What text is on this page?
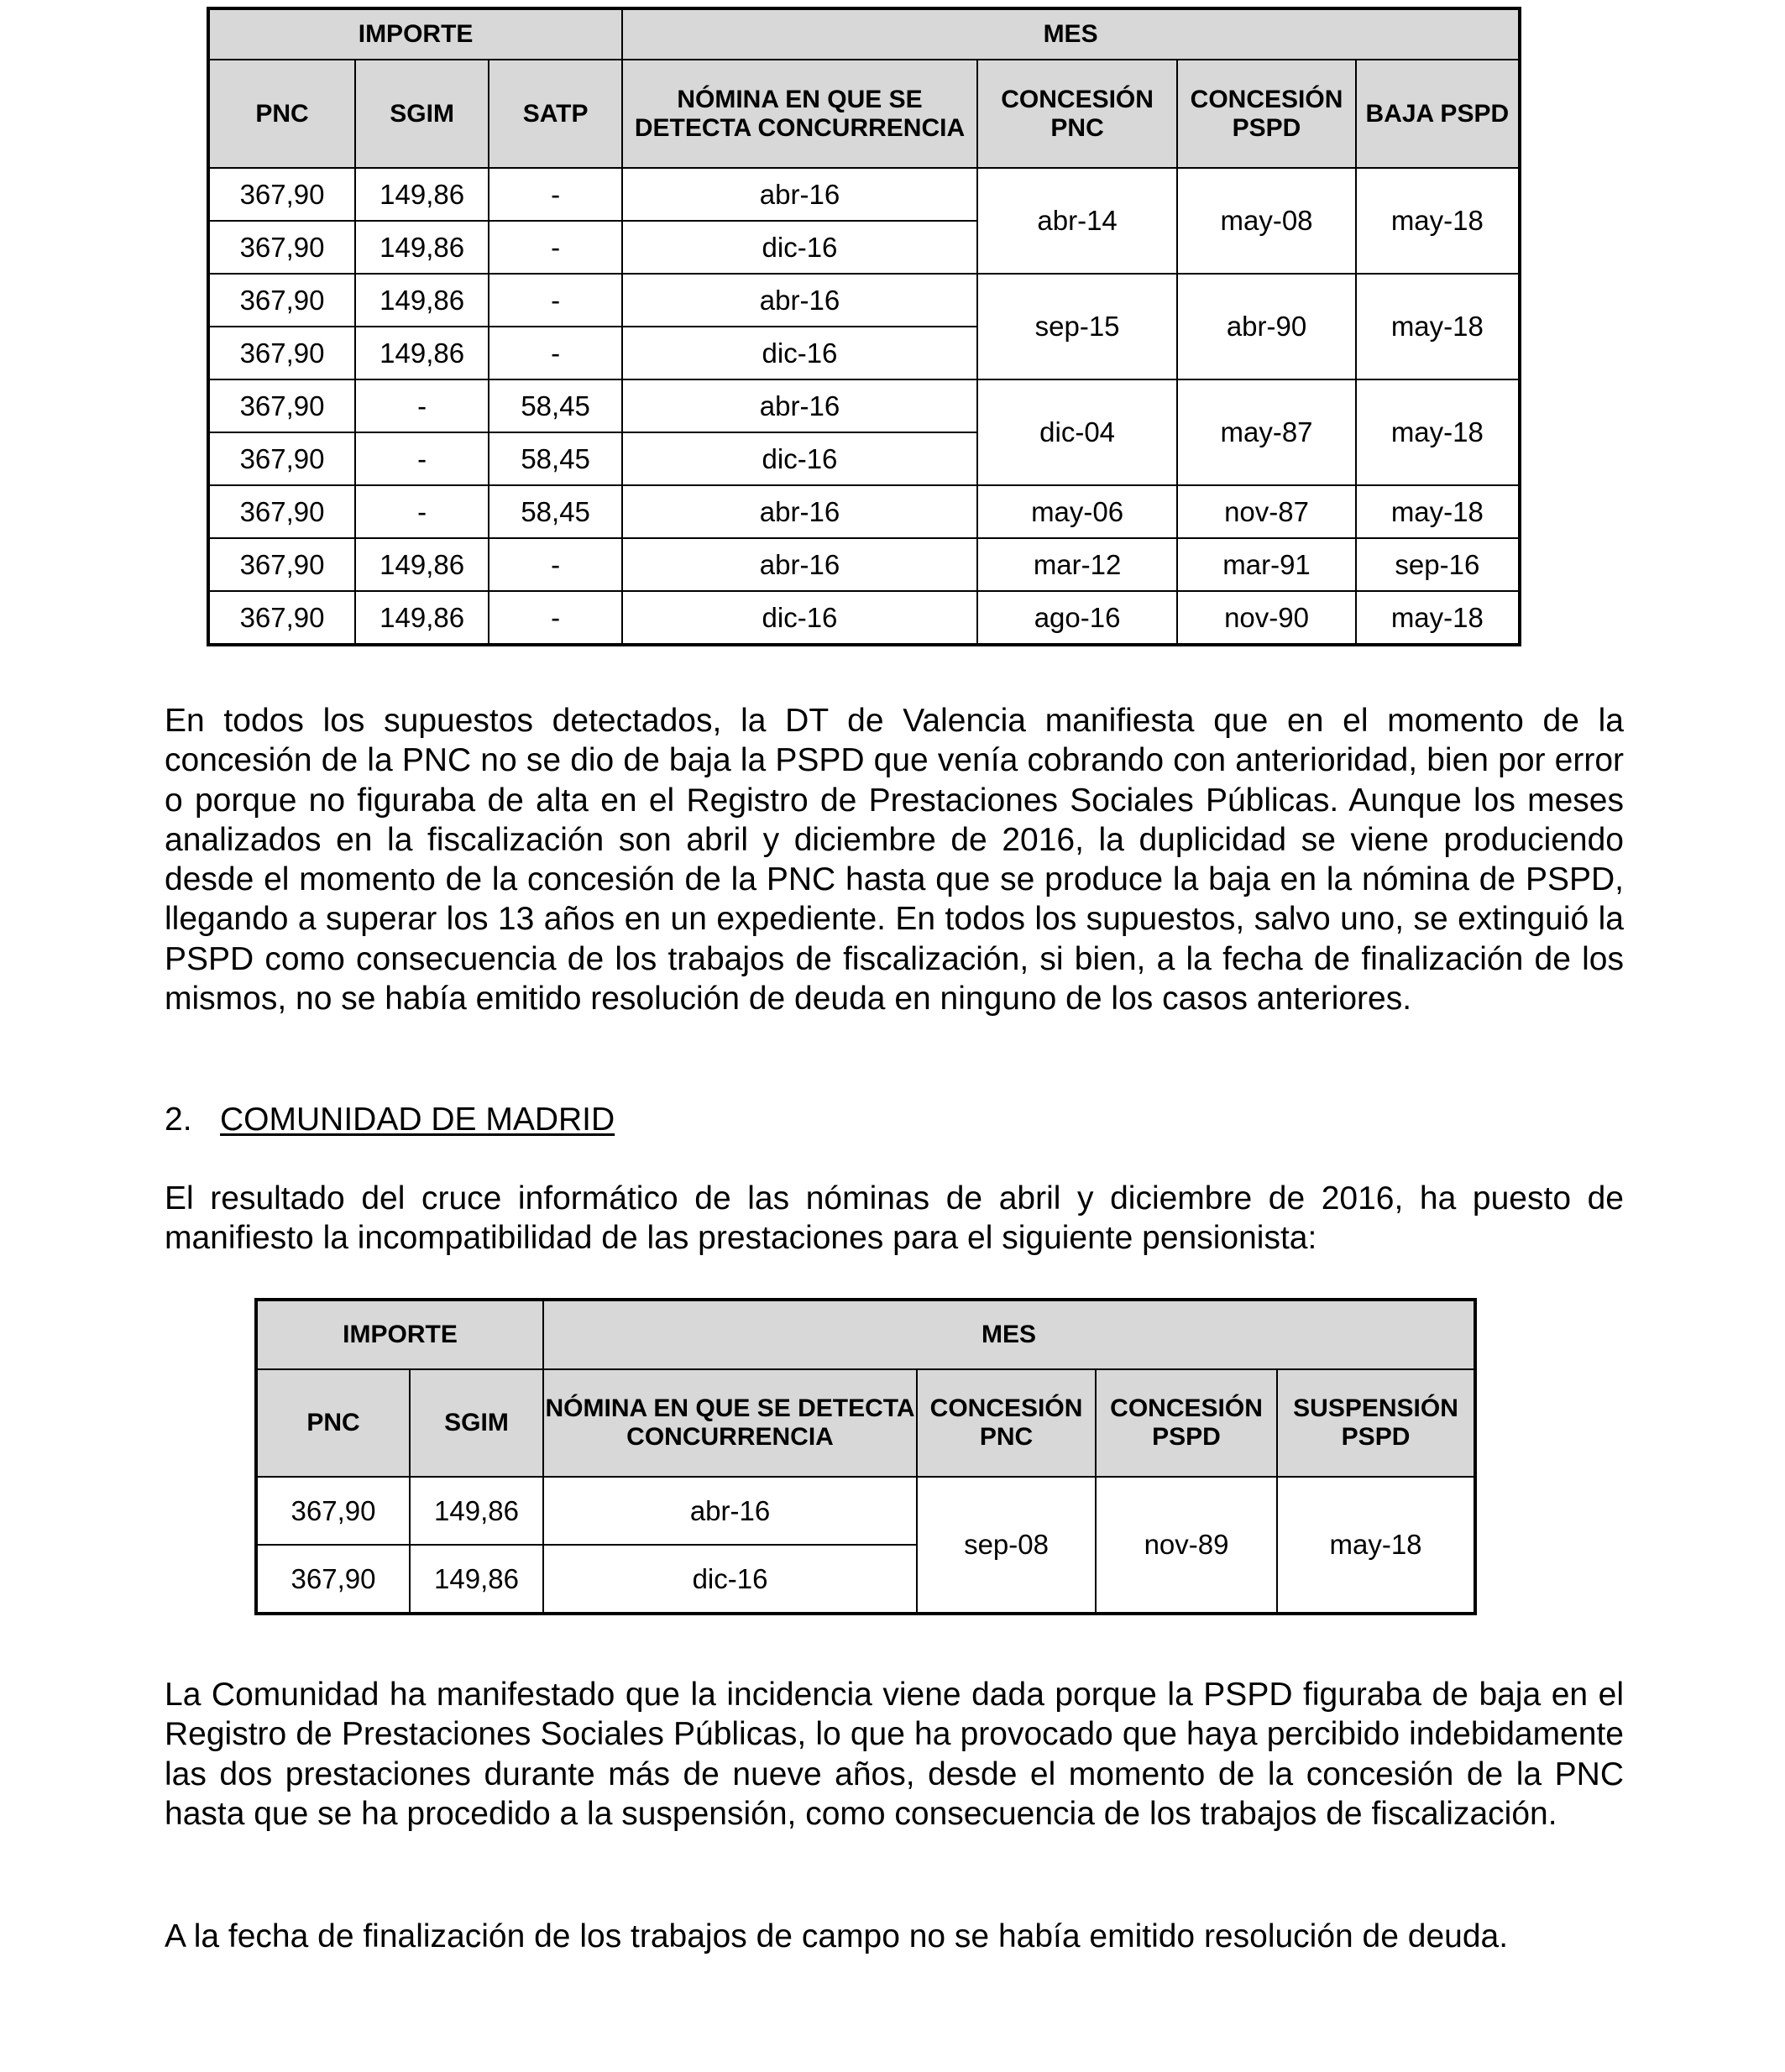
IMPORTE			MES			
PNC	SGIM	SATP	NÓMINA EN QUE SE DETECTA CONCURRENCIA	CONCESIÓN PNC	CONCESIÓN PSPD	BAJA PSPD
367,90	149,86	-	abr-16	abr-14	may-08	may-18
367,90	149,86	-	dic-16			
367,90	149,86	-	abr-16	sep-15	abr-90	may-18
367,90	149,86	-	dic-16			
367,90	-	58,45	abr-16	dic-04	may-87	may-18
367,90	-	58,45	dic-16			
367,90	-	58,45	abr-16	may-06	nov-87	may-18
367,90	149,86	-	abr-16	mar-12	mar-91	sep-16
367,90	149,86	-	dic-16	ago-16	nov-90	may-18

En todos los supuestos detectados, la DT de Valencia manifiesta que en el momento de la concesión de la PNC no se dio de baja la PSPD que venía cobrando con anterioridad, bien por error o porque no figuraba de alta en el Registro de Prestaciones Sociales Públicas. Aunque los meses analizados en la fiscalización son abril y diciembre de 2016, la duplicidad se viene produciendo desde el momento de la concesión de la PNC hasta que se produce la baja en la nómina de PSPD, llegando a superar los 13 años en un expediente. En todos los supuestos, salvo uno, se extinguió la PSPD como consecuencia de los trabajos de fiscalización, si bien, a la fecha de finalización de los mismos, no se había emitido resolución de deuda en ninguno de los casos anteriores.

2. COMUNIDAD DE MADRID

El resultado del cruce informático de las nóminas de abril y diciembre de 2016, ha puesto de manifiesto la incompatibilidad de las prestaciones para el siguiente pensionista:

IMPORTE		MES			
PNC	SGIM	NÓMINA EN QUE SE DETECTA CONCURRENCIA	CONCESIÓN PNC	CONCESIÓN PSPD	SUSPENSIÓN PSPD
367,90	149,86	abr-16	sep-08	nov-89	may-18
367,90	149,86	dic-16			

La Comunidad ha manifestado que la incidencia viene dada porque la PSPD figuraba de baja en el Registro de Prestaciones Sociales Públicas, lo que ha provocado que haya percibido indebidamente las dos prestaciones durante más de nueve años, desde el momento de la concesión de la PNC hasta que se ha procedido a la suspensión, como consecuencia de los trabajos de fiscalización.

A la fecha de finalización de los trabajos de campo no se había emitido resolución de deuda.
